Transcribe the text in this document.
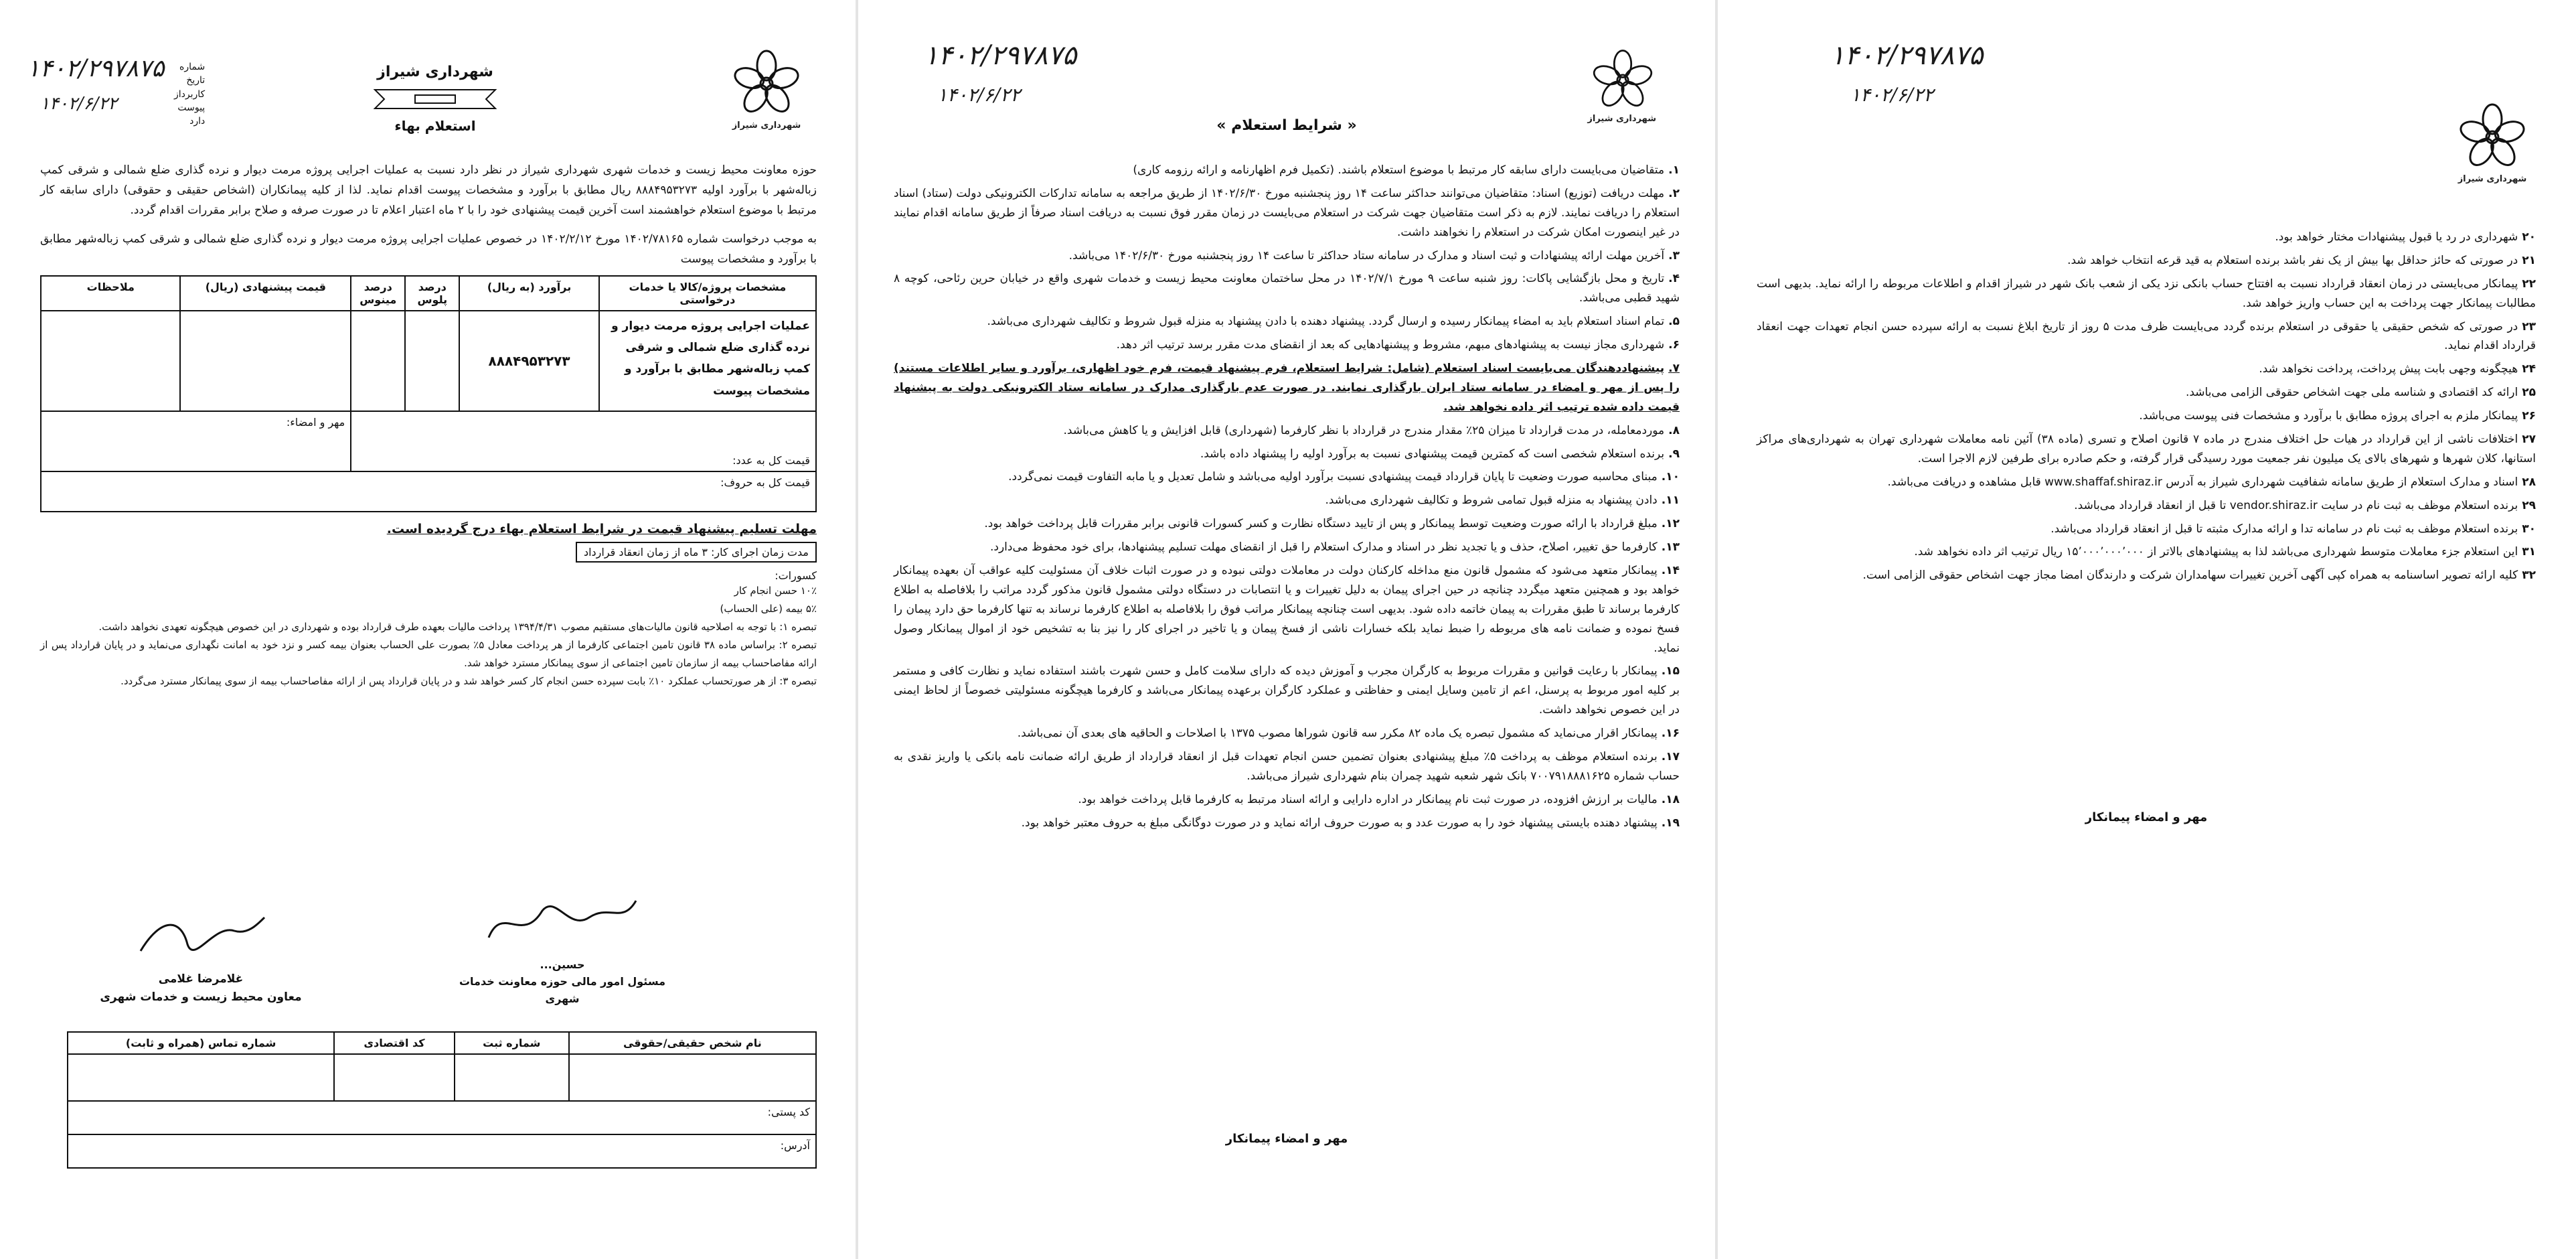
۱۴۰۲/۲۹۷۸۷۵
۱۴۰۲/۶/۲۲
شماره
تاریخ
کاربرداز
پیوست
دارد
شهرداری شیراز
استعلام بهاء	شهرداری شیراز

حوزه معاونت محیط زیست و خدمات شهری شهرداری شیراز در نظر دارد نسبت به عملیات اجرایی پروژه مرمت دیوار و نرده گذاری ضلع شمالی و شرقی کمپ زباله‌شهر با برآورد اولیه ۸۸۸۴۹۵۳۲۷۳ ریال مطابق با برآورد و مشخصات پیوست اقدام نماید. لذا از کلیه پیمانکاران (اشخاص حقیقی و حقوقی) دارای سابقه کار مرتبط با موضوع استعلام خواهشمند است آخرین قیمت پیشنهادی خود را با ۲ ماه اعتبار اعلام تا در صورت صرفه و صلاح برابر مقررات اقدام گردد.

به موجب درخواست شماره ۱۴۰۲/۷۸۱۶۵ مورخ ۱۴۰۲/۲/۱۲ در خصوص عملیات اجرایی پروژه مرمت دیوار و نرده گذاری ضلع شمالی و شرقی کمپ زباله‌شهر مطابق با برآورد و مشخصات پیوست

مشخصات پروژه/کالا یا خدمات درخواستی	برآورد (به ریال)	درصد پلوس	درصد مینوس	قیمت پیشنهادی (ریال)	ملاحظات
عملیات اجرایی پروژه مرمت دیوار و نرده گذاری ضلع شمالی و شرقی کمپ زباله‌شهر مطابق با برآورد و مشخصات پیوست	۸۸۸۴۹۵۳۲۷۳				
قیمت کل به عدد:				مهر و امضاء:	
قیمت کل به حروف:					
مهلت تسلیم پیشنهاد قیمت در شرایط استعلام بهاء درج گردیده است.
مدت زمان اجرای کار: ۳ ماه از زمان انعقاد قرارداد
کسورات:
۱۰٪ حسن انجام کار
۵٪ بیمه (علی الحساب)
تبصره ۱: با توجه به اصلاحیه قانون مالیات‌های مستقیم مصوب ۱۳۹۴/۴/۳۱ پرداخت مالیات بعهده طرف قرارداد بوده و شهرداری در این خصوص هیچگونه تعهدی نخواهد داشت.
تبصره ۲: براساس ماده ۳۸ قانون تامین اجتماعی کارفرما از هر پرداخت معادل ۵٪ بصورت علی الحساب بعنوان بیمه کسر و نزد خود به امانت نگهداری می‌نماید و در پایان قرارداد پس از ارائه مفاصاحساب بیمه از سازمان تامین اجتماعی از سوی پیمانکار مسترد خواهد شد.
تبصره ۳: از هر صورتحساب عملکرد ۱۰٪ بابت سپرده حسن انجام کار کسر خواهد شد و در پایان قرارداد پس از ارائه مفاصاحساب بیمه از سوی پیمانکار مسترد می‌گردد.
غلامرضا غلامی
معاون محیط زیست و خدمات شهری
حسین...
مسئول امور مالی حوزه معاونت خدمات شهری
نام شخص حقیقی/حقوقی	شماره ثبت	کد اقتصادی	شماره تماس (همراه و ثابت)

کد پستی:			
آدرس:			
۱۴۰۲/۲۹۷۸۷۵
۱۴۰۲/۶/۲۲
شهرداری شیراز
« شرایط استعلام »
۱.متقاضیان می‌بایست دارای سابقه کار مرتبط با موضوع استعلام باشند. (تکمیل فرم اظهارنامه و ارائه رزومه کاری)
۲.مهلت دریافت (توزیع) اسناد: متقاضیان می‌توانند حداکثر ساعت ۱۴ روز پنجشنبه مورخ ۱۴۰۲/۶/۳۰ از طریق مراجعه به سامانه تدارکات الکترونیکی دولت (ستاد) اسناد استعلام را دریافت نمایند. لازم به ذکر است متقاضیان جهت شرکت در استعلام می‌بایست در زمان مقرر فوق نسبت به دریافت اسناد صرفاً از طریق سامانه اقدام نمایند در غیر اینصورت امکان شرکت در استعلام را نخواهند داشت.
۳.آخرین مهلت ارائه پیشنهادات و ثبت اسناد و مدارک در سامانه ستاد حداکثر تا ساعت ۱۴ روز پنجشنبه مورخ ۱۴۰۲/۶/۳۰ می‌باشد.
۴.تاریخ و محل بازگشایی پاکات: روز شنبه ساعت ۹ مورخ ۱۴۰۲/۷/۱ در محل ساختمان معاونت محیط زیست و خدمات شهری واقع در خیابان حرین رئاحی، کوچه ۸ شهید قطبی می‌باشد.
۵.تمام اسناد استعلام باید به امضاء پیمانکار رسیده و ارسال گردد. پیشنهاد دهنده با دادن پیشنهاد به منزله قبول شروط و تکالیف شهرداری می‌باشد.
۶.شهرداری مجاز نیست به پیشنهادهای مبهم، مشروط و پیشنهادهایی که بعد از انقضای مدت مقرر برسد ترتیب اثر دهد.
۷.پیشنهاددهندگان می‌بایست اسناد استعلام (شامل: شرایط استعلام، فرم پیشنهاد قیمت، فرم خود اظهاری، برآورد و سایر اطلاعات مستند) را پس از مهر و امضاء در سامانه ستاد ایران بارگذاری نمایند. در صورت عدم بارگذاری مدارک در سامانه ستاد الکترونیکی دولت به پیشنهاد قیمت داده شده ترتیب اثر داده نخواهد شد.
۸.موردمعامله، در مدت قرارداد تا میزان ۲۵٪ مقدار مندرج در قرارداد با نظر کارفرما (شهرداری) قابل افزایش و یا کاهش می‌باشد.
۹.برنده استعلام شخصی است که کمترین قیمت پیشنهادی نسبت به برآورد اولیه را پیشنهاد داده باشد.
۱۰.مبنای محاسبه صورت وضعیت تا پایان قرارداد قیمت پیشنهادی نسبت برآورد اولیه می‌باشد و شامل تعدیل و یا مابه التفاوت قیمت نمی‌گردد.
۱۱.دادن پیشنهاد به منزله قبول تمامی شروط و تکالیف شهرداری می‌باشد.
۱۲.مبلغ قرارداد با ارائه صورت وضعیت توسط پیمانکار و پس از تایید دستگاه نظارت و کسر کسورات قانونی برابر مقررات قابل پرداخت خواهد بود.
۱۳.کارفرما حق تغییر، اصلاح، حذف و یا تجدید نظر در اسناد و مدارک استعلام را قبل از انقضای مهلت تسلیم پیشنهادها، برای خود محفوظ می‌دارد.
۱۴.پیمانکار متعهد می‌شود که مشمول قانون منع مداخله کارکنان دولت در معاملات دولتی نبوده و در صورت اثبات خلاف آن مسئولیت کلیه عواقب آن بعهده پیمانکار خواهد بود و همچنین متعهد میگردد چنانچه در حین اجرای پیمان به دلیل تغییرات و یا انتصابات در دستگاه دولتی مشمول قانون مذکور گردد مراتب را بلافاصله به اطلاع کارفرما برساند تا طبق مقررات به پیمان خاتمه داده شود. بدیهی است چنانچه پیمانکار مراتب فوق را بلافاصله به اطلاع کارفرما نرساند به تنها کارفرما حق دارد پیمان را فسخ نموده و ضمانت نامه های مربوطه را ضبط نماید بلکه خسارات ناشی از فسخ پیمان و یا تاخیر در اجرای کار را نیز بنا به تشخیص خود از اموال پیمانکار وصول نماید.
۱۵.پیمانکار با رعایت قوانین و مقررات مربوط به کارگران مجرب و آموزش دیده که دارای سلامت کامل و حسن شهرت باشند استفاده نماید و نظارت کافی و مستمر بر کلیه امور مربوط به پرسنل، اعم از تامین وسایل ایمنی و حفاظتی و عملکرد کارگران برعهده پیمانکار می‌باشد و کارفرما هیچگونه مسئولیتی خصوصاً از لحاظ ایمنی در این خصوص نخواهد داشت.
۱۶.پیمانکار اقرار می‌نماید که مشمول تبصره یک ماده ۸۲ مکرر سه قانون شوراها مصوب ۱۳۷۵ با اصلاحات و الحاقیه های بعدی آن نمی‌باشد.
۱۷.برنده استعلام موظف به پرداخت ۵٪ مبلغ پیشنهادی بعنوان تضمین حسن انجام تعهدات قبل از انعقاد قرارداد از طریق ارائه ضمانت نامه بانکی یا واریز نقدی به حساب شماره ۷۰۰۷۹۱۸۸۸۱۶۲۵ بانک شهر شعبه شهید چمران بنام شهرداری شیراز می‌باشد.
۱۸.مالیات بر ارزش افزوده، در صورت ثبت نام پیمانکار در اداره دارایی و ارائه اسناد مرتبط به کارفرما قابل پرداخت خواهد بود.
۱۹.پیشنهاد دهنده بایستی پیشنهاد خود را به صورت عدد و به صورت حروف ارائه نماید و در صورت دوگانگی مبلغ به حروف معتبر خواهد بود.
مهر و امضاء پیمانکار
۱۴۰۲/۲۹۷۸۷۵
۱۴۰۲/۶/۲۲
شهرداری شیراز
۲۰شهرداری در رد یا قبول پیشنهادات مختار خواهد بود.
۲۱در صورتی که حائز حداقل بها بیش از یک نفر باشد برنده استعلام به قید قرعه انتخاب خواهد شد.
۲۲پیمانکار می‌بایستی در زمان انعقاد قرارداد نسبت به افتتاح حساب بانکی نزد یکی از شعب بانک شهر در شیراز اقدام و اطلاعات مربوطه را ارائه نماید. بدیهی است مطالبات پیمانکار جهت پرداخت به این حساب واریز خواهد شد.
۲۳در صورتی که شخص حقیقی یا حقوقی در استعلام برنده گردد می‌بایست ظرف مدت ۵ روز از تاریخ ابلاغ نسبت به ارائه سپرده حسن انجام تعهدات جهت انعقاد قرارداد اقدام نماید.
۲۴هیچگونه وجهی بابت پیش پرداخت، پرداخت نخواهد شد.
۲۵ارائه کد اقتصادی و شناسه ملی جهت اشخاص حقوقی الزامی می‌باشد.
۲۶پیمانکار ملزم به اجرای پروژه مطابق با برآورد و مشخصات فنی پیوست می‌باشد.
۲۷اختلافات ناشی از این قرارداد در هیات حل اختلاف مندرج در ماده ۷ قانون اصلاح و تسری (ماده ۳۸) آئین نامه معاملات شهرداری تهران به شهرداری‌های مراکز استانها، کلان شهرها و شهرهای بالای یک میلیون نفر جمعیت مورد رسیدگی قرار گرفته، و حکم صادره برای طرفین لازم الاجرا است.
۲۸اسناد و مدارک استعلام از طریق سامانه شفافیت شهرداری شیراز به آدرس www.shaffaf.shiraz.ir قابل مشاهده و دریافت می‌باشد.
۲۹برنده استعلام موظف به ثبت نام در سایت vendor.shiraz.ir تا قبل از انعقاد قرارداد می‌باشد.
۳۰برنده استعلام موظف به ثبت نام در سامانه تدا و ارائه مدارک مثبته تا قبل از انعقاد قرارداد می‌باشد.
۳۱این استعلام جزء معاملات متوسط شهرداری می‌باشد لذا به پیشنهادهای بالاتر از ۱۵٬۰۰۰٬۰۰۰٬۰۰۰ ریال ترتیب اثر داده نخواهد شد.
۳۲کلیه ارائه تصویر اساسنامه به همراه کپی آگهی آخرین تغییرات سهامداران شرکت و دارندگان امضا مجاز جهت اشخاص حقوقی الزامی است.
مهر و امضاء پیمانکار
